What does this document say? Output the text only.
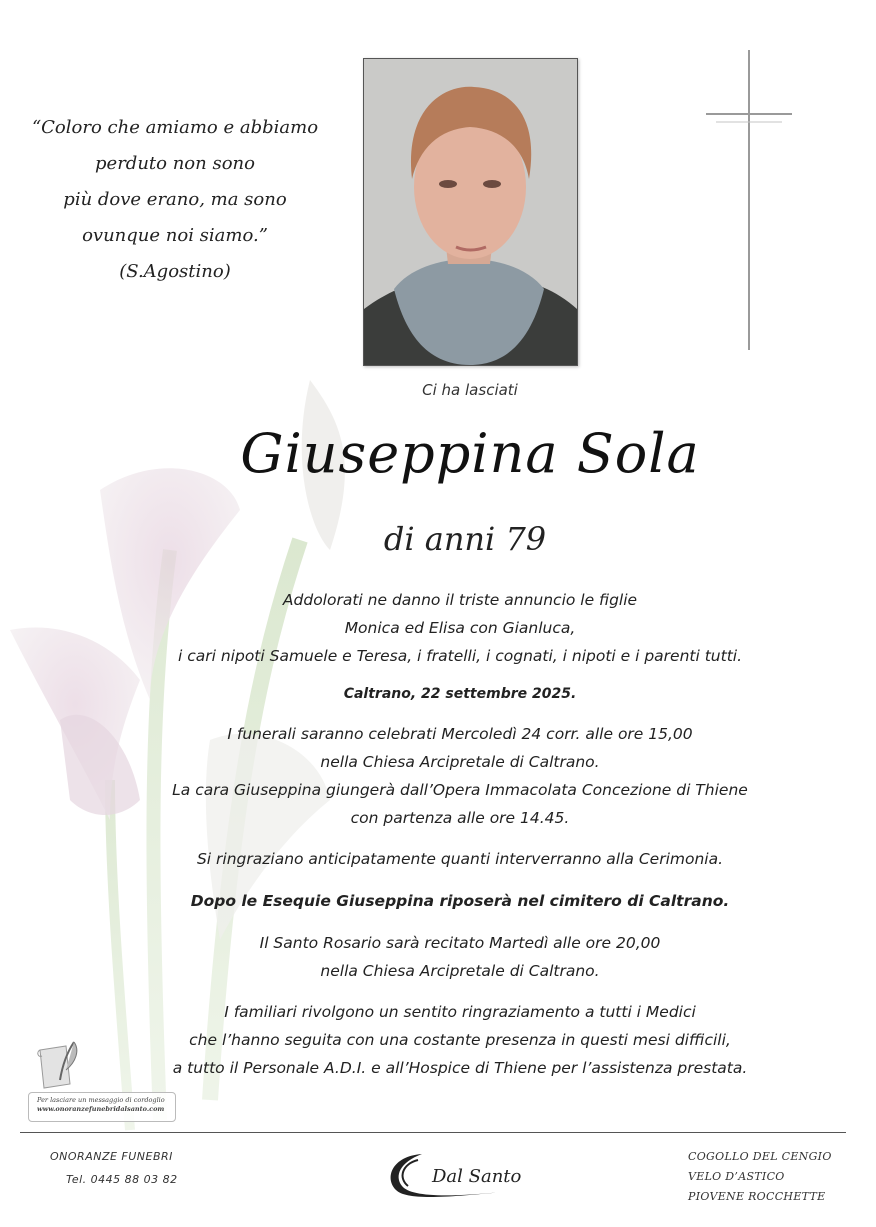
“Coloro che amiamo e abbiamo
perduto non sono
più dove erano, ma sono
ovunque noi siamo.”
(S.Agostino)
Ci ha lasciati
Giuseppina Sola
di anni 79
Addolorati ne danno il triste annuncio le figlie
Monica ed Elisa con Gianluca,
i cari nipoti Samuele e Teresa, i fratelli, i cognati, i nipoti e i parenti tutti.
Caltrano, 22 settembre 2025.
I funerali saranno celebrati Mercoledì 24 corr. alle ore 15,00
nella Chiesa Arcipretale di Caltrano.
La cara Giuseppina giungerà dall’Opera Immacolata Concezione di Thiene
con partenza alle ore 14.45.
Si ringraziano anticipatamente quanti interverranno alla Cerimonia.
Dopo le Esequie Giuseppina riposerà nel cimitero di Caltrano.
Il Santo Rosario sarà recitato Martedì alle ore 20,00
nella Chiesa Arcipretale di Caltrano.
I familiari rivolgono un sentito ringraziamento a tutti i Medici
che l’hanno seguita con una costante presenza in questi mesi difficili,
a tutto il Personale A.D.I. e all’Hospice di Thiene per l’assistenza prestata.
Per lasciare un messaggio di cordoglio
www.onoranzefunebridalsanto.com
ONORANZE FUNEBRI
Tel. 0445 88 03 82	Dal Santo
COGOLLO DEL CENGIO
VELO D’ASTICO
PIOVENE ROCCHETTE
